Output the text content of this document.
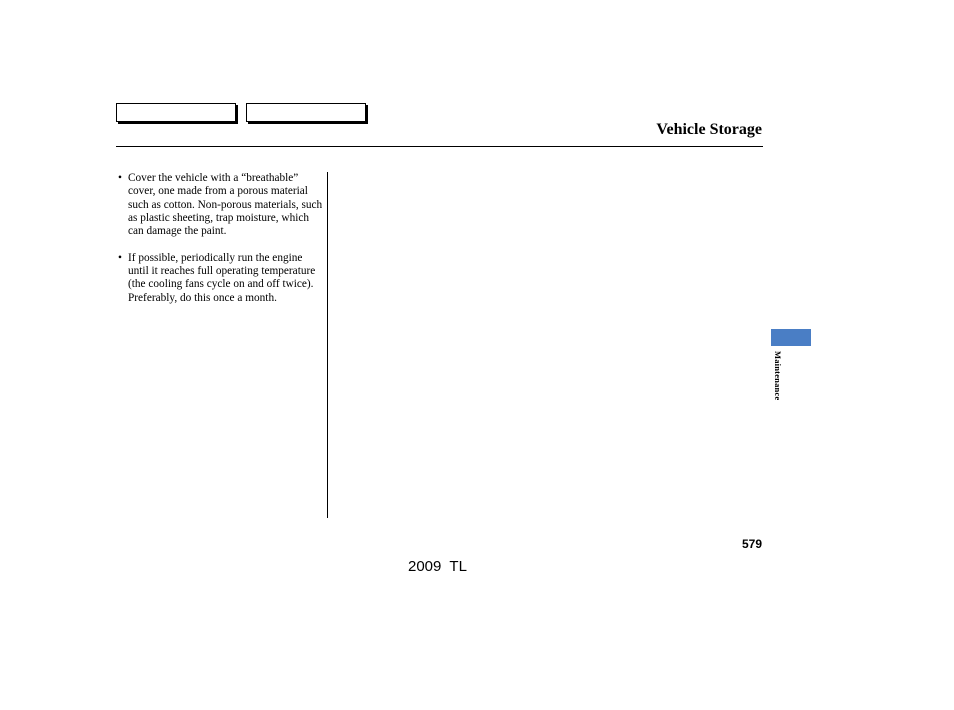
Vehicle Storage
• Cover the vehicle with a “breathable” cover, one made from a porous material such as cotton. Non-porous materials, such as plastic sheeting, trap moisture, which can damage the paint.
• If possible, periodically run the engine until it reaches full operating temperature (the cooling fans cycle on and off twice). Preferably, do this once a month.
Maintenance
579
2009  TL
